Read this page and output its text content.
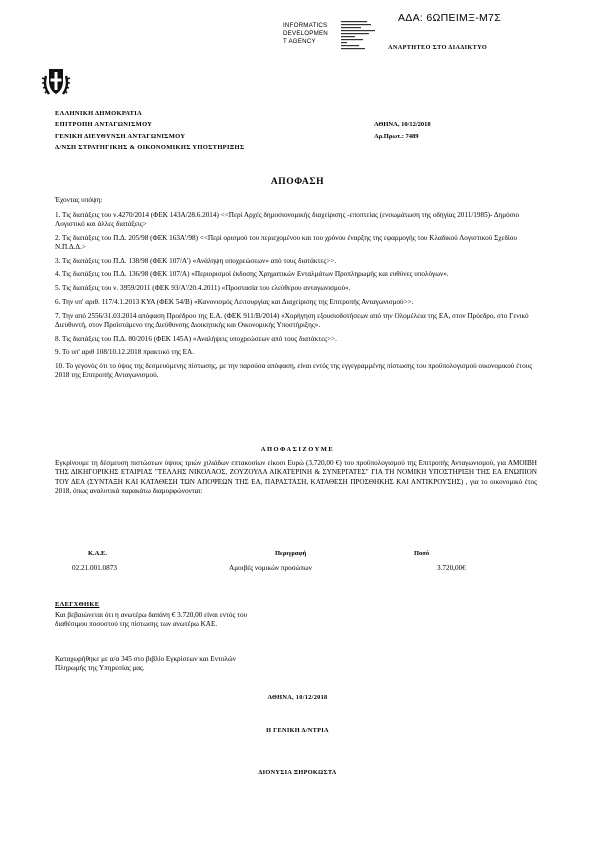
ΑΔΑ: 6ΩΠΕΙΜΞ-Μ7Σ
INFORMATICS
DEVELOPMEN
T AGENCY
ΑΝΑΡΤΗΤΕΟ ΣΤΟ ΔΙΑΔΙΚΤΥΟ
ΕΛΛΗΝΙΚΗ ΔΗΜΟΚΡΑΤΙΑ
ΕΠΙΤΡΟΠΗ ΑΝΤΑΓΩΝΙΣΜΟΥ
ΓΕΝΙΚΗ ΔΙΕΥΘΥΝΣΗ ΑΝΤΑΓΩΝΙΣΜΟΥ
Δ/ΝΣΗ ΣΤΡΑΤΗΓΙΚΗΣ & ΟΙΚΟΝΟΜΙΚΗΣ ΥΠΟΣΤΗΡΙΞΗΣ
ΑΘΗΝΑ, 10/12/2018
Αρ.Πρωτ.: 7489
ΑΠΟΦΑΣΗ
Έχοντας υπόψη:
1. Τις διατάξεις του ν.4270/2014 (ΦΕΚ 143Α/28.6.2014) <<Περί Αρχές δημοσιονομικής διαχείρισης -εποπτείας (ενσωμάτωση της οδηγίας 2011/1985)- Δημόσιο Λογιστικό και άλλες διατάξεις>
2. Τις διατάξεις του Π.Δ. 205/98 (ΦΕΚ 163Α'/98) <<Περί ορισμού του περιεχομένου και του χρόνου έναρξης της εφαρμογής του Κλαδικού Λογιστικού Σχεδίου Ν.Π.Δ.Δ.>
3. Τις διατάξεις του Π.Δ. 138/98 (ΦΕΚ 107/Α') «Ανάληψη υποχρεώσεων» από τους διατάκτες>>.
4. Τις διατάξεις του Π.Δ. 136/98 (ΦΕΚ 107/Α) «Περιορισμοί έκδοσης Χρηματικών Ενταλμάτων Προπληρωμής και ευθύνες υπολόγων».
5. Τις διατάξεις του ν. 3959/2011 (ΦΕΚ 93/Α'/20.4.2011) «Προστασία του ελεύθερου ανταγωνισμού».
6. Την υπ' αριθ. 117/4.1.2013 ΚΥΑ (ΦΕΚ 54/Β) «Κανονισμός Λειτουργίας και Διαχείρισης της Επιτροπής Ανταγωνισμού>>.
7. Την από 2556/31.03.2014 απόφαση Προέδρου της Ε.Α. (ΦΕΚ 911/Β/2014) «Χορήγηση εξουσιοδοτήσεων από την Ολομέλεια της ΕΑ, στον Πρόεδρο, στο Γενικό Διευθυντή, στον Προϊστάμενο της Διεύθυνσης Διοικητικής και Οικονομικής Υποστήριξης».
8. Τις διατάξεις του Π.Δ. 80/2016 (ΦΕΚ 145Α) «Αναλήψεις υποχρεώσεων από τους διατάκτες>>.
9. Το υπ' αριθ 108/10.12.2018 πρακτικό της ΕΑ.
10. Το γεγονός ότι το ύψος της δεσμευόμενης πίστωσης, με την παρούσα απόφαση, είναι εντός της εγγεγραμμένης πίστωσης του προϋπολογισμού οικονομικού έτους 2018 της Επιτροπής Ανταγωνισμού.
ΑΠΟΦΑΣΙΖΟΥΜΕ
Εγκρίνουμε τη δέσμευση πιστώσεων ύψους τριών χιλιάδων επτακοσίων είκοσι Ευρώ (3.720,00 €) του προϋπολογισμού της Επιτροπής Ανταγωνισμού, για ΑΜΟΙΒΗ ΤΗΣ ΔΙΚΗΓΟΡΙΚΗΣ ΕΤΑΙΡΙΑΣ "ΤΕΛΛΗΣ ΝΙΚΟΛΑΟΣ, ΖΟΥΖΟΥΛΑ ΑΙΚΑΤΕΡΙΝΗ & ΣΥΝΕΡΓΑΤΕΣ" ΓΙΑ ΤΗ ΝΟΜΙΚΗ ΥΠΟΣΤΗΡΙΞΗ ΤΗΣ ΕΑ ΕΝΩΠΙΟΝ ΤΟΥ ΔΕΑ (ΣΥΝΤΑΞΗ ΚΑΙ ΚΑΤΑΘΕΣΗ ΤΩΝ ΑΠΟΨΕΩΝ ΤΗΣ ΕΑ, ΠΑΡΑΣΤΑΣΗ, ΚΑΤΑΘΕΣΗ ΠΡΟΣΘΗΚΗΣ ΚΑΙ ΑΝΤΙΚΡΟΥΣΗΣ) , για το οικονομικό έτος 2018, όπως αναλυτικά παρακάτω διαμορφώνονται:
Κ.Α.Ε.	Περιγραφή	Ποσό
02.21.001.0873	Αμοιβές νομικών προσώπων	3.720,00€
ΕΛΕΓΧΘΗΚΕ
Και βεβαιώνεται ότι η ανωτέρω δαπάνη € 3.720,00 είναι εντός του διαθέσιμου ποσοστού της πίστωσης των ανωτέρω ΚΑΕ.
Καταχωρήθηκε με α/α 345 στο βιβλίο Εγκρίσεων και Εντολών Πληρωμής της Υπηρεσίας μας.
ΑΘΗΝΑ, 10/12/2018
Η ΓΕΝΙΚΗ Δ/ΝΤΡΙΑ
ΔΙΟΝΥΣΙΑ ΞΗΡΟΚΩΣΤΑ
